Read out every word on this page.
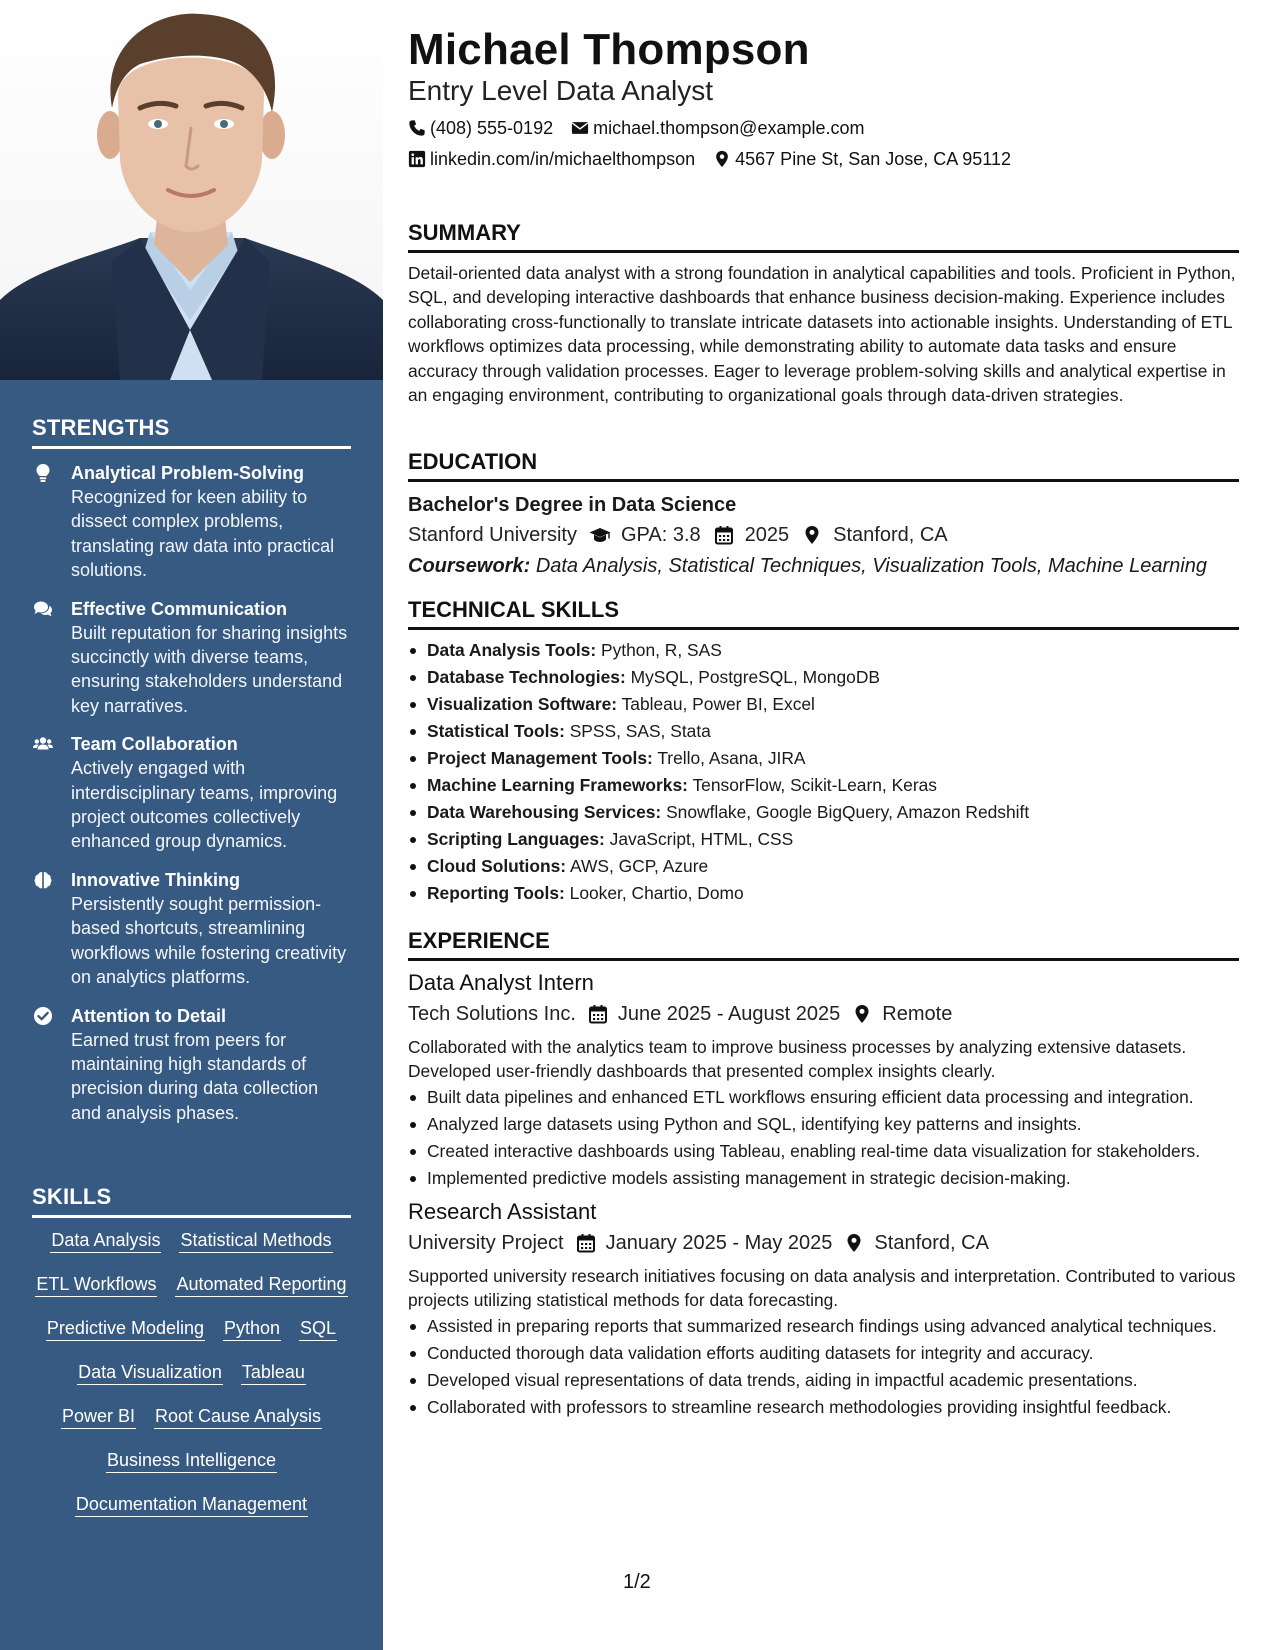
STRENGTHS
Analytical Problem-Solving
Recognized for keen ability to dissect complex problems, translating raw data into practical solutions.
Effective Communication
Built reputation for sharing insights succinctly with diverse teams, ensuring stakeholders understand key narratives.
Team Collaboration
Actively engaged with interdisciplinary teams, improving project outcomes collectively enhanced group dynamics.
Innovative Thinking
Persistently sought permission-based shortcuts, streamlining workflows while fostering creativity on analytics platforms.
Attention to Detail
Earned trust from peers for maintaining high standards of precision during data collection and analysis phases.
SKILLS
Data Analysis Statistical Methods
ETL Workflows Automated Reporting
Predictive Modeling Python SQL
Data Visualization Tableau
Power BI Root Cause Analysis
Business Intelligence
Documentation Management
Michael Thompson
Entry Level Data Analyst
(408) 555-0192 michael.thompson@example.com
linkedin.com/in/michaelthompson 4567 Pine St, San Jose, CA 95112
SUMMARY

Detail-oriented data analyst with a strong foundation in analytical capabilities and tools. Proficient in Python, SQL, and developing interactive dashboards that enhance business decision-making. Experience includes collaborating cross-functionally to translate intricate datasets into actionable insights. Understanding of ETL workflows optimizes data processing, while demonstrating ability to automate data tasks and ensure accuracy through validation processes. Eager to leverage problem-solving skills and analytical expertise in an engaging environment, contributing to organizational goals through data-driven strategies.

EDUCATION
Bachelor's Degree in Data Science
Stanford University GPA: 3.8 2025 Stanford, CA
Coursework: Data Analysis, Statistical Techniques, Visualization Tools, Machine Learning
TECHNICAL SKILLS
Data Analysis Tools: Python, R, SAS
Database Technologies: MySQL, PostgreSQL, MongoDB
Visualization Software: Tableau, Power BI, Excel
Statistical Tools: SPSS, SAS, Stata
Project Management Tools: Trello, Asana, JIRA
Machine Learning Frameworks: TensorFlow, Scikit-Learn, Keras
Data Warehousing Services: Snowflake, Google BigQuery, Amazon Redshift
Scripting Languages: JavaScript, HTML, CSS
Cloud Solutions: AWS, GCP, Azure
Reporting Tools: Looker, Chartio, Domo
EXPERIENCE
Data Analyst Intern
Tech Solutions Inc. June 2025 - August 2025 Remote

Collaborated with the analytics team to improve business processes by analyzing extensive datasets. Developed user-friendly dashboards that presented complex insights clearly.

Built data pipelines and enhanced ETL workflows ensuring efficient data processing and integration.
Analyzed large datasets using Python and SQL, identifying key patterns and insights.
Created interactive dashboards using Tableau, enabling real-time data visualization for stakeholders.
Implemented predictive models assisting management in strategic decision-making.
Research Assistant
University Project January 2025 - May 2025 Stanford, CA

Supported university research initiatives focusing on data analysis and interpretation. Contributed to various projects utilizing statistical methods for data forecasting.

Assisted in preparing reports that summarized research findings using advanced analytical techniques.
Conducted thorough data validation efforts auditing datasets for integrity and accuracy.
Developed visual representations of data trends, aiding in impactful academic presentations.
Collaborated with professors to streamline research methodologies providing insightful feedback.
1/2
